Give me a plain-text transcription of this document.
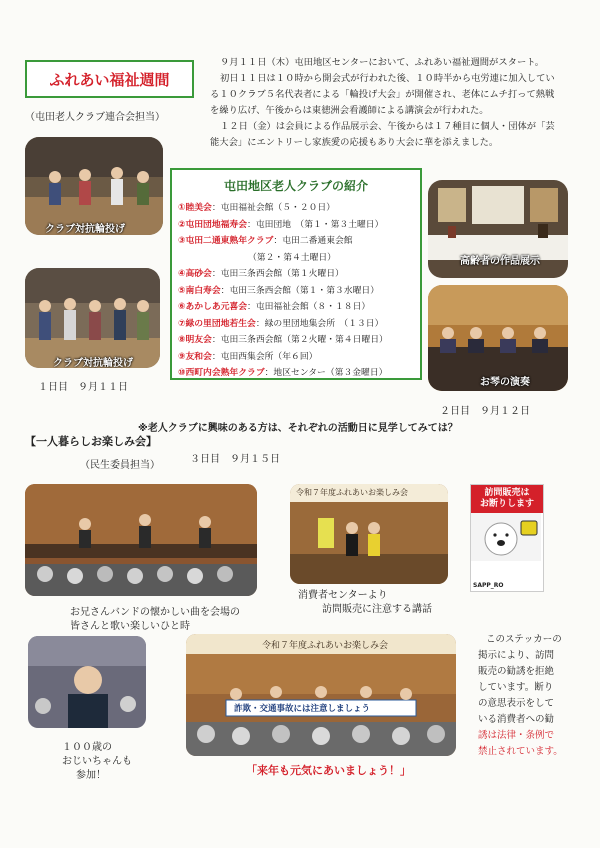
ふれあい福祉週間
（屯田老人クラブ連合会担当）
９月１１日（木）屯田地区センターにおいて、ふれあい福祉週間がスタート。
初日１１日は１０時から開会式が行われた後、１０時半から屯労連に加入してい
る１０クラブ５名代表者による「輪投げ大会」が開催され、老体にムチ打って熱戦
を繰り広げ、午後からは東徳洲会看護師による講演会が行われた。
１２日（金）は会員による作品展示会、午後からは１７種目に個人・団体が「芸
能大会」にエントリーし家族愛の応援もあり大会に華を添えました。
クラブ対抗輪投げ
クラブ対抗輪投げ
１日目　９月１１日
屯田地区老人クラブの紹介
①睦美会：屯田福祉会館（５・２０日）
②屯田団地福寿会：屯田団地　（第１・第３土曜日）
③屯田二通東熟年クラブ：屯田二番通東会館
（第２・第４土曜日）
④高砂会：屯田三条西会館（第１火曜日）
⑤南白寿会：屯田三条西会館（第１・第３水曜日）
⑥あかしあ元喜会：屯田福祉会館（８・１８日）
⑦緑の里団地若生会：緑の里団地集会所　（１３日）
⑧明友会：屯田三条西会館（第２火曜・第４日曜日）
⑨友和会：屯田西集会所（年６回）
⑩西町内会熟年クラブ：地区センター（第３金曜日）
高齢者の作品展示
お琴の演奏
２日目　９月１２日
※老人クラブに興味のある方は、それぞれの活動日に見学してみては？
【一人暮らしお楽しみ会】
（民生委員担当）
３日目　９月１５日
お兄さんバンドの懐かしい曲を会場の
皆さんと歌い楽しいひと時
令和７年度ふれあいお楽しみ会
消費者センターより
訪問販売に注意する講話
訪問販売は
お断りします
SAPP_RO
このステッカーの
掲示により、訪問
販売の勧誘を拒絶
しています。断り
の意思表示をして
いる消費者への勧
誘は法律・条例で
禁止されています。
１００歳の
おじいちゃんも
参加！
令和７年度ふれあいお楽しみ会
詐欺・交通事故には注意しましょう
「来年も元気にあいましょう！」
